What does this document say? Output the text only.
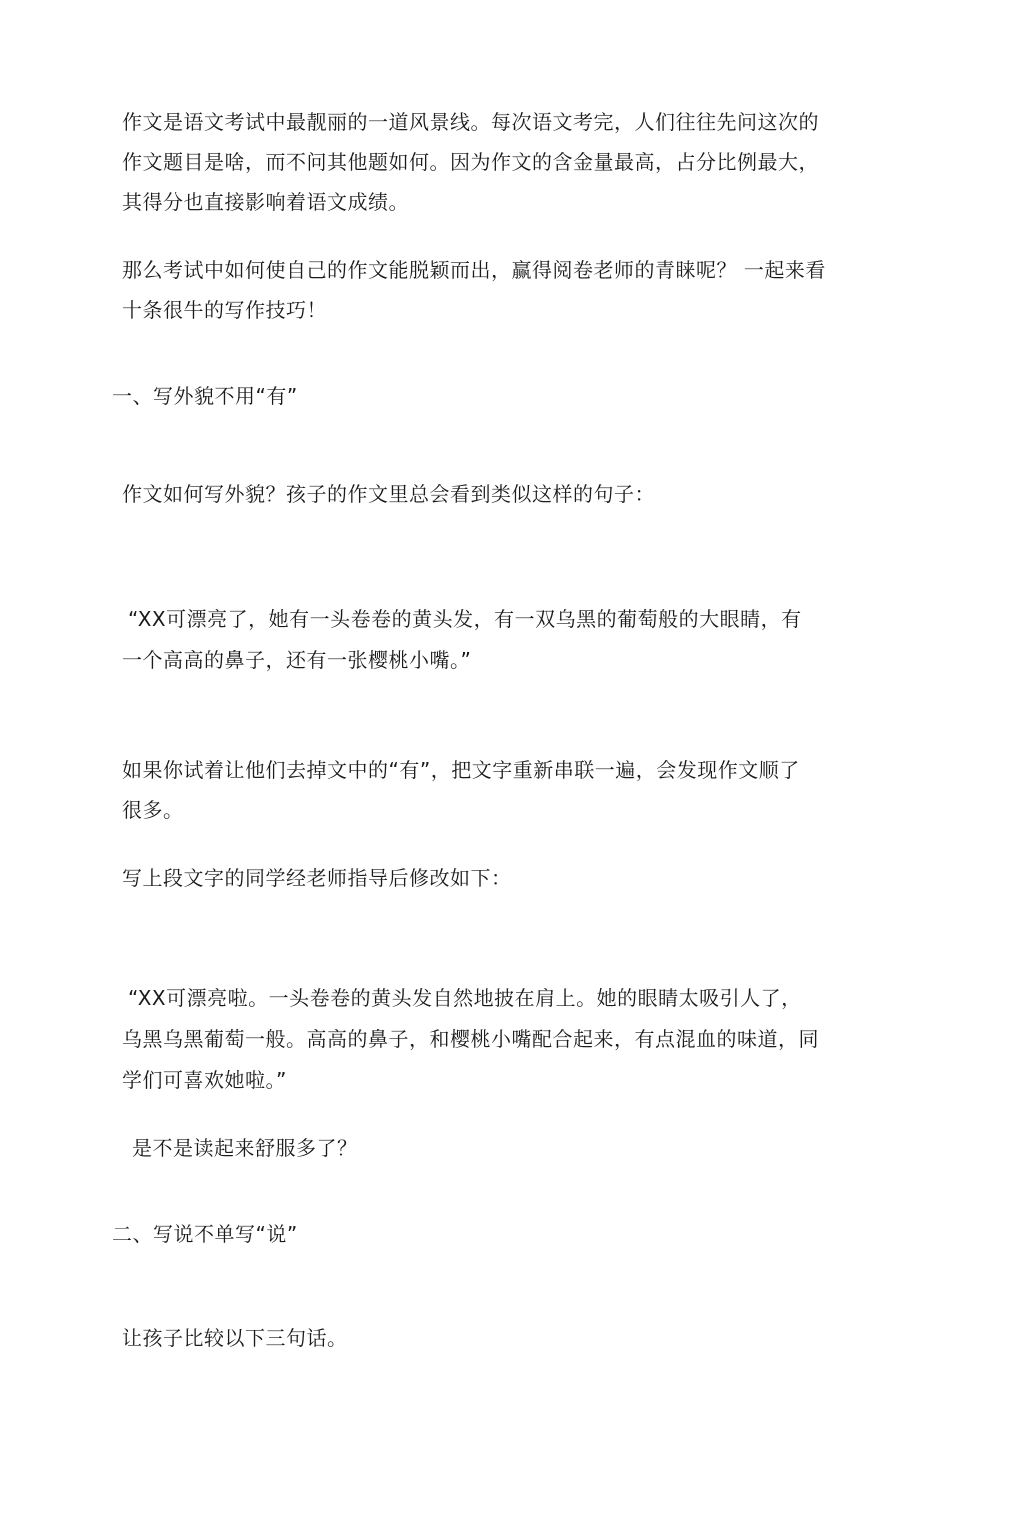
作文是语文考试中最靓丽的一道风景线。每次语文考完，人们往往先问这次的
作文题目是啥，而不问其他题如何。因为作文的含金量最高，占分比例最大，
其得分也直接影响着语文成绩。
那么考试中如何使自己的作文能脱颖而出，赢得阅卷老师的青睐呢？ 一起来看
十条很牛的写作技巧！
一、写外貌不用“有”
作文如何写外貌？孩子的作文里总会看到类似这样的句子：
“XX可漂亮了，她有一头卷卷的黄头发，有一双乌黑的葡萄般的大眼睛，有
一个高高的鼻子，还有一张樱桃小嘴。”
如果你试着让他们去掉文中的“有”，把文字重新串联一遍，会发现作文顺了
很多。
写上段文字的同学经老师指导后修改如下：
“XX可漂亮啦。一头卷卷的黄头发自然地披在肩上。她的眼睛太吸引人了，
乌黑乌黑葡萄一般。高高的鼻子，和樱桃小嘴配合起来，有点混血的味道，同
学们可喜欢她啦。”
是不是读起来舒服多了？
二、写说不单写“说”
让孩子比较以下三句话。
